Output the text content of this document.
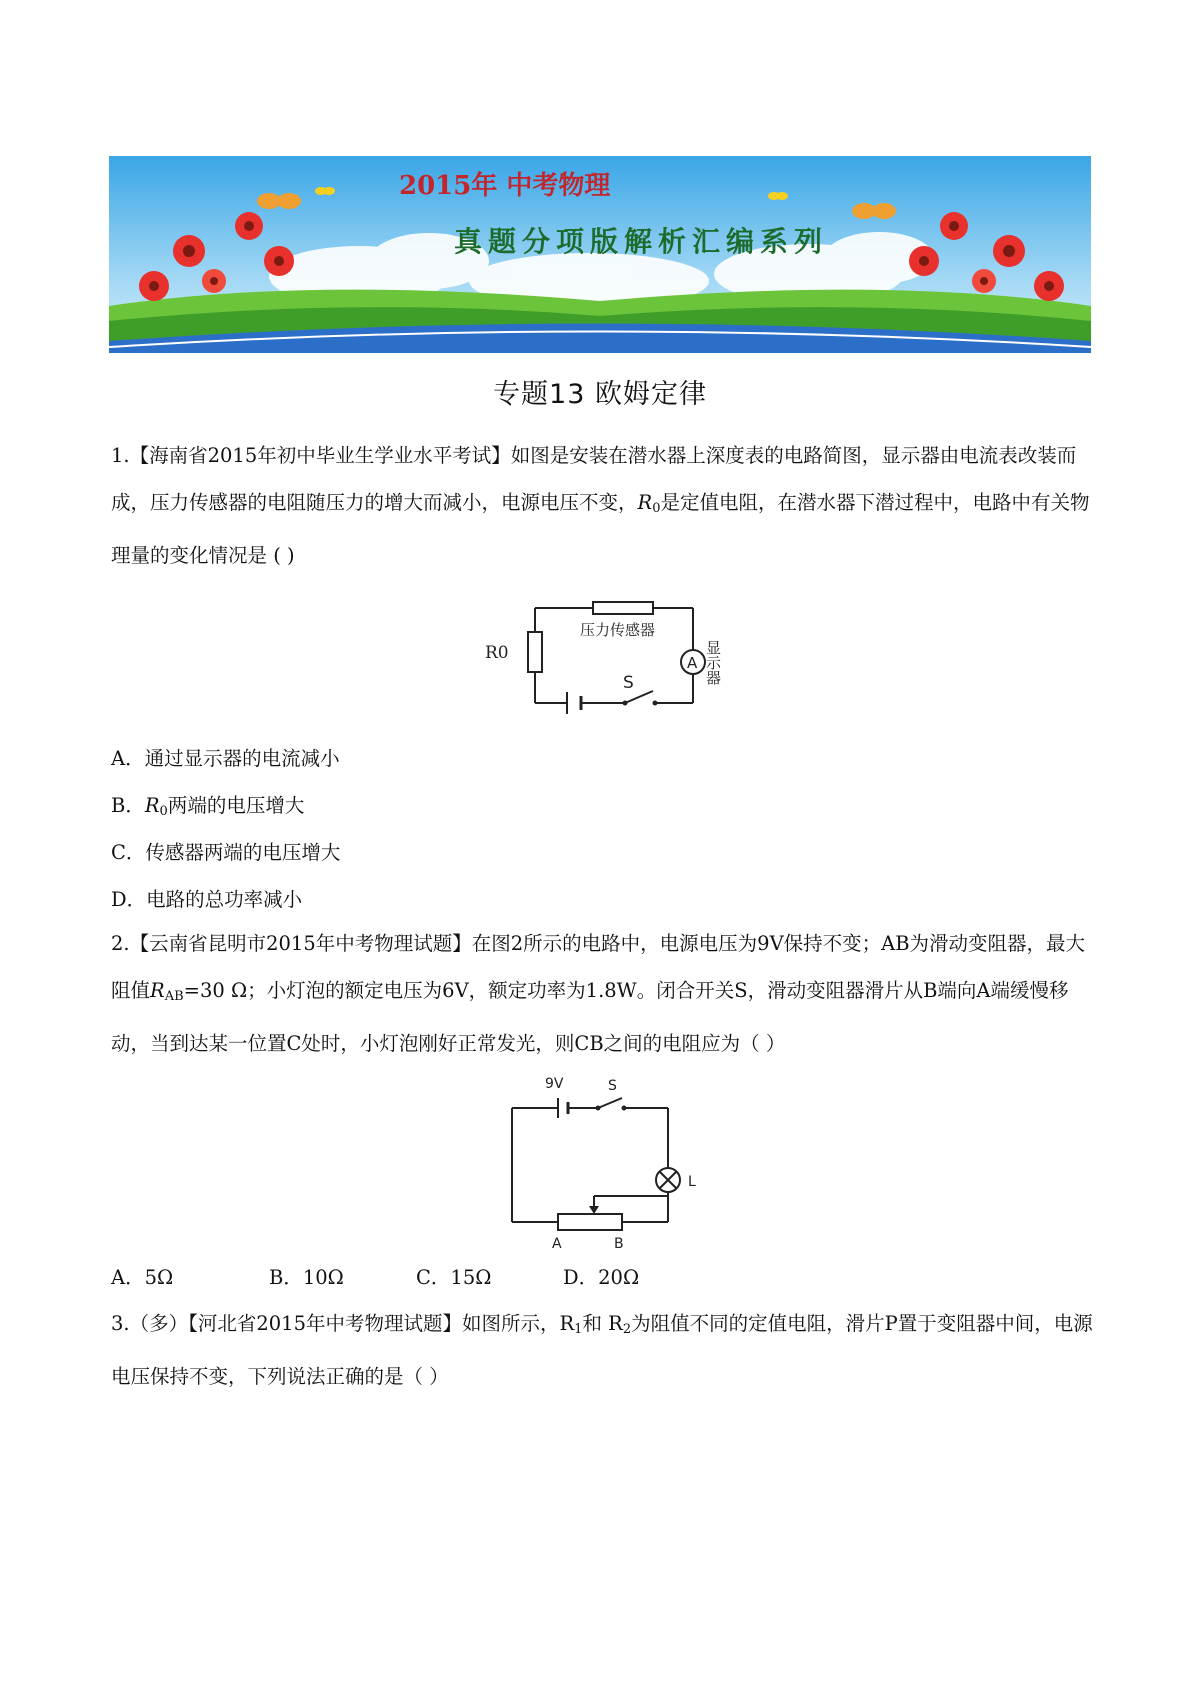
2015年 中考物理
真题分项版解析汇编系列
专题13 欧姆定律

1.【海南省2015年初中毕业生学业水平考试】如图是安装在潜水器上深度表的电路简图，显示器由电流表改装而成，压力传感器的电阻随压力的增大而减小，电源电压不变，$R_0$是定值电阻，在潜水器下潜过程中，电路中有关物理量的变化情况是 ( )

A
R0
压力传感器
S	显示器
A．通过显示器的电流减小
B．$R_0$两端的电压增大
C．传感器两端的电压增大
D．电路的总功率减小

2.【云南省昆明市2015年中考物理试题】在图2所示的电路中，电源电压为9V保持不变；AB为滑动变阻器，最大阻值$R_{AB}=30$ Ω；小灯泡的额定电压为6V，额定功率为1.8W。闭合开关S，滑动变阻器滑片从B端向A端缓慢移动，当到达某一位置C处时，小灯泡刚好正常发光，则CB之间的电阻应为（ ）

9V	S
L
A	B
A．5Ω	B．10Ω	C．15Ω	D．20Ω

3.（多）【河北省2015年中考物理试题】如图所示，$R_1$和 $R_2$为阻值不同的定值电阻，滑片P置于变阻器中间，电源电压保持不变，下列说法正确的是（ ）
